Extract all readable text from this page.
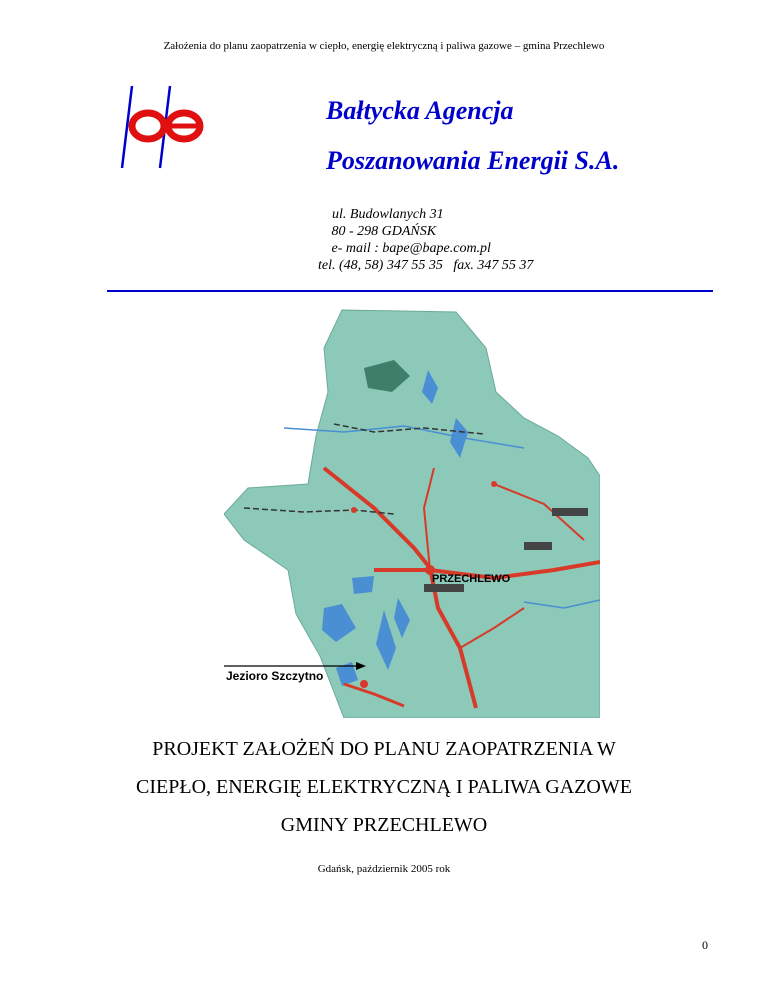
Założenia do planu zaopatrzenia w ciepło, energię elektryczną i paliwa gazowe – gmina Przechlewo
Bałtycka Agencja
Poszanowania Energii S.A.
ul. Budowlanych 31
80 - 298 GDAŃSK
e- mail : bape@bape.com.pl
tel. (48, 58) 347 55 35   fax. 347 55 37
PRZECHLEWO
Jezioro Szczytno
PROJEKT ZAŁOŻEŃ DO PLANU ZAOPATRZENIA W
CIEPŁO, ENERGIĘ ELEKTRYCZNĄ I PALIWA GAZOWE
GMINY PRZECHLEWO
Gdańsk, październik 2005 rok
0
